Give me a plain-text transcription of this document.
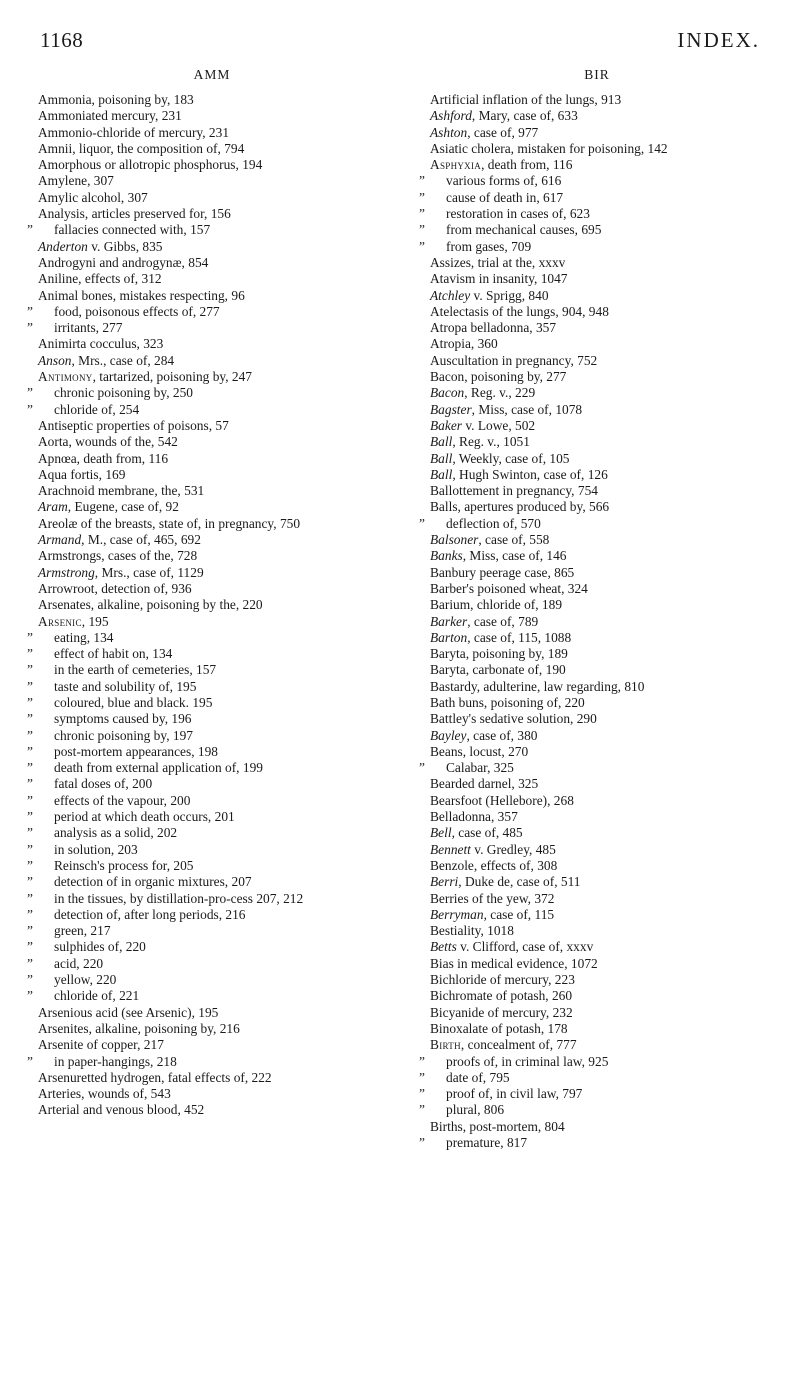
1168	INDEX.
AMM
Ammonia, poisoning by, 183
Ammoniated mercury, 231
Ammonio-chloride of mercury, 231
Amnii, liquor, the composition of, 794
Amorphous or allotropic phosphorus, 194
Amylene, 307
Amylic alcohol, 307
Analysis, articles preserved for, 156
” fallacies connected with, 157
Anderton v. Gibbs, 835
Androgyni and androgynæ, 854
Aniline, effects of, 312
Animal bones, mistakes respecting, 96
” food, poisonous effects of, 277
” irritants, 277
Animirta cocculus, 323
Anson, Mrs., case of, 284
Antimony, tartarized, poisoning by, 247
” chronic poisoning by, 250
” chloride of, 254
Antiseptic properties of poisons, 57
Aorta, wounds of the, 542
Apnœa, death from, 116
Aqua fortis, 169
Arachnoid membrane, the, 531
Aram, Eugene, case of, 92
Areolæ of the breasts, state of, in pregnancy, 750
Armand, M., case of, 465, 692
Armstrongs, cases of the, 728
Armstrong, Mrs., case of, 1129
Arrowroot, detection of, 936
Arsenates, alkaline, poisoning by the, 220
Arsenic, 195
” eating, 134
” effect of habit on, 134
” in the earth of cemeteries, 157
” taste and solubility of, 195
” coloured, blue and black. 195
” symptoms caused by, 196
” chronic poisoning by, 197
” post-mortem appearances, 198
” death from external application of, 199
” fatal doses of, 200
” effects of the vapour, 200
” period at which death occurs, 201
” analysis as a solid, 202
” in solution, 203
” Reinsch's process for, 205
” detection of in organic mixtures, 207
” in the tissues, by distillation-pro-cess 207, 212
” detection of, after long periods, 216
” green, 217
” sulphides of, 220
” acid, 220
” yellow, 220
” chloride of, 221
Arsenious acid (see Arsenic), 195
Arsenites, alkaline, poisoning by, 216
Arsenite of copper, 217
” in paper-hangings, 218
Arsenuretted hydrogen, fatal effects of, 222
Arteries, wounds of, 543
Arterial and venous blood, 452
BIR
Artificial inflation of the lungs, 913
Ashford, Mary, case of, 633
Ashton, case of, 977
Asiatic cholera, mistaken for poisoning, 142
Asphyxia, death from, 116
” various forms of, 616
” cause of death in, 617
” restoration in cases of, 623
” from mechanical causes, 695
” from gases, 709
Assizes, trial at the, xxxv
Atavism in insanity, 1047
Atchley v. Sprigg, 840
Atelectasis of the lungs, 904, 948
Atropa belladonna, 357
Atropia, 360
Auscultation in pregnancy, 752
Bacon, poisoning by, 277
Bacon, Reg. v., 229
Bagster, Miss, case of, 1078
Baker v. Lowe, 502
Ball, Reg. v., 1051
Ball, Weekly, case of, 105
Ball, Hugh Swinton, case of, 126
Ballottement in pregnancy, 754
Balls, apertures produced by, 566
” deflection of, 570
Balsoner, case of, 558
Banks, Miss, case of, 146
Banbury peerage case, 865
Barber's poisoned wheat, 324
Barium, chloride of, 189
Barker, case of, 789
Barton, case of, 115, 1088
Baryta, poisoning by, 189
Baryta, carbonate of, 190
Bastardy, adulterine, law regarding, 810
Bath buns, poisoning of, 220
Battley's sedative solution, 290
Bayley, case of, 380
Beans, locust, 270
” Calabar, 325
Bearded darnel, 325
Bearsfoot (Hellebore), 268
Belladonna, 357
Bell, case of, 485
Bennett v. Gredley, 485
Benzole, effects of, 308
Berri, Duke de, case of, 511
Berries of the yew, 372
Berryman, case of, 115
Bestiality, 1018
Betts v. Clifford, case of, xxxv
Bias in medical evidence, 1072
Bichloride of mercury, 223
Bichromate of potash, 260
Bicyanide of mercury, 232
Binoxalate of potash, 178
Birth, concealment of, 777
” proofs of, in criminal law, 925
” date of, 795
” proof of, in civil law, 797
” plural, 806
Births, post-mortem, 804
” premature, 817
